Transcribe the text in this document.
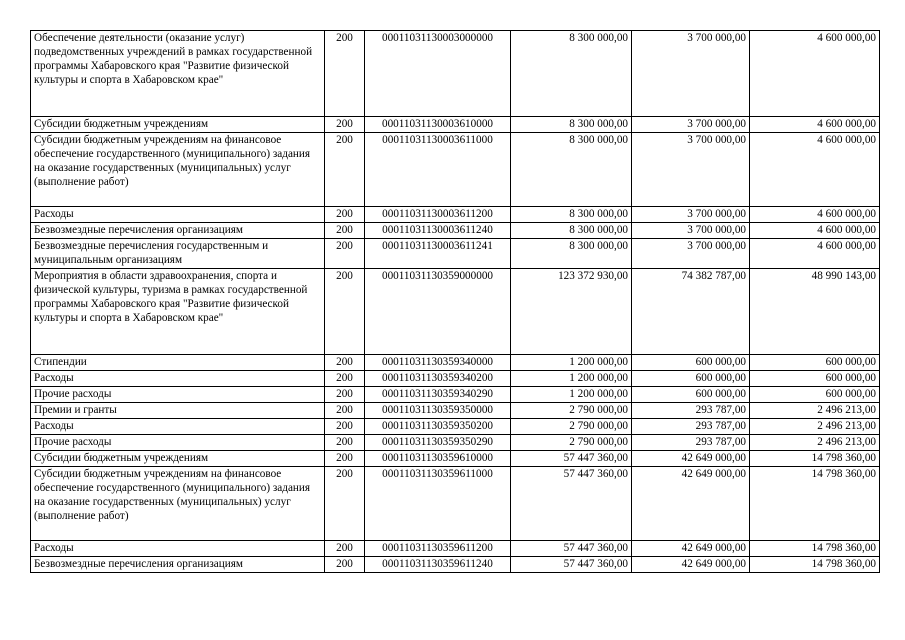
Обеспечение деятельности (оказание услуг) подведомственных учреждений в рамках государственной программы Хабаровского края "Развитие физической культуры и спорта в Хабаровском крае"	200	00011031130003000000	8 300 000,00	3 700 000,00	4 600 000,00
Субсидии бюджетным учреждениям	200	00011031130003610000	8 300 000,00	3 700 000,00	4 600 000,00
Субсидии бюджетным учреждениям на финансовое обеспечение государственного (муниципального) задания на оказание государственных (муниципальных) услуг (выполнение работ)	200	00011031130003611000	8 300 000,00	3 700 000,00	4 600 000,00
Расходы	200	00011031130003611200	8 300 000,00	3 700 000,00	4 600 000,00
Безвозмездные перечисления организациям	200	00011031130003611240	8 300 000,00	3 700 000,00	4 600 000,00
Безвозмездные перечисления государственным и муниципальным организациям	200	00011031130003611241	8 300 000,00	3 700 000,00	4 600 000,00
Мероприятия в области здравоохранения, спорта и физической культуры, туризма в рамках государственной программы Хабаровского края "Развитие физической культуры и спорта в Хабаровском крае"	200	00011031130359000000	123 372 930,00	74 382 787,00	48 990 143,00
Стипендии	200	00011031130359340000	1 200 000,00	600 000,00	600 000,00
Расходы	200	00011031130359340200	1 200 000,00	600 000,00	600 000,00
Прочие расходы	200	00011031130359340290	1 200 000,00	600 000,00	600 000,00
Премии и гранты	200	00011031130359350000	2 790 000,00	293 787,00	2 496 213,00
Расходы	200	00011031130359350200	2 790 000,00	293 787,00	2 496 213,00
Прочие расходы	200	00011031130359350290	2 790 000,00	293 787,00	2 496 213,00
Субсидии бюджетным учреждениям	200	00011031130359610000	57 447 360,00	42 649 000,00	14 798 360,00
Субсидии бюджетным учреждениям на финансовое обеспечение государственного (муниципального) задания на оказание государственных (муниципальных) услуг (выполнение работ)	200	00011031130359611000	57 447 360,00	42 649 000,00	14 798 360,00
Расходы	200	00011031130359611200	57 447 360,00	42 649 000,00	14 798 360,00
Безвозмездные перечисления организациям	200	00011031130359611240	57 447 360,00	42 649 000,00	14 798 360,00
